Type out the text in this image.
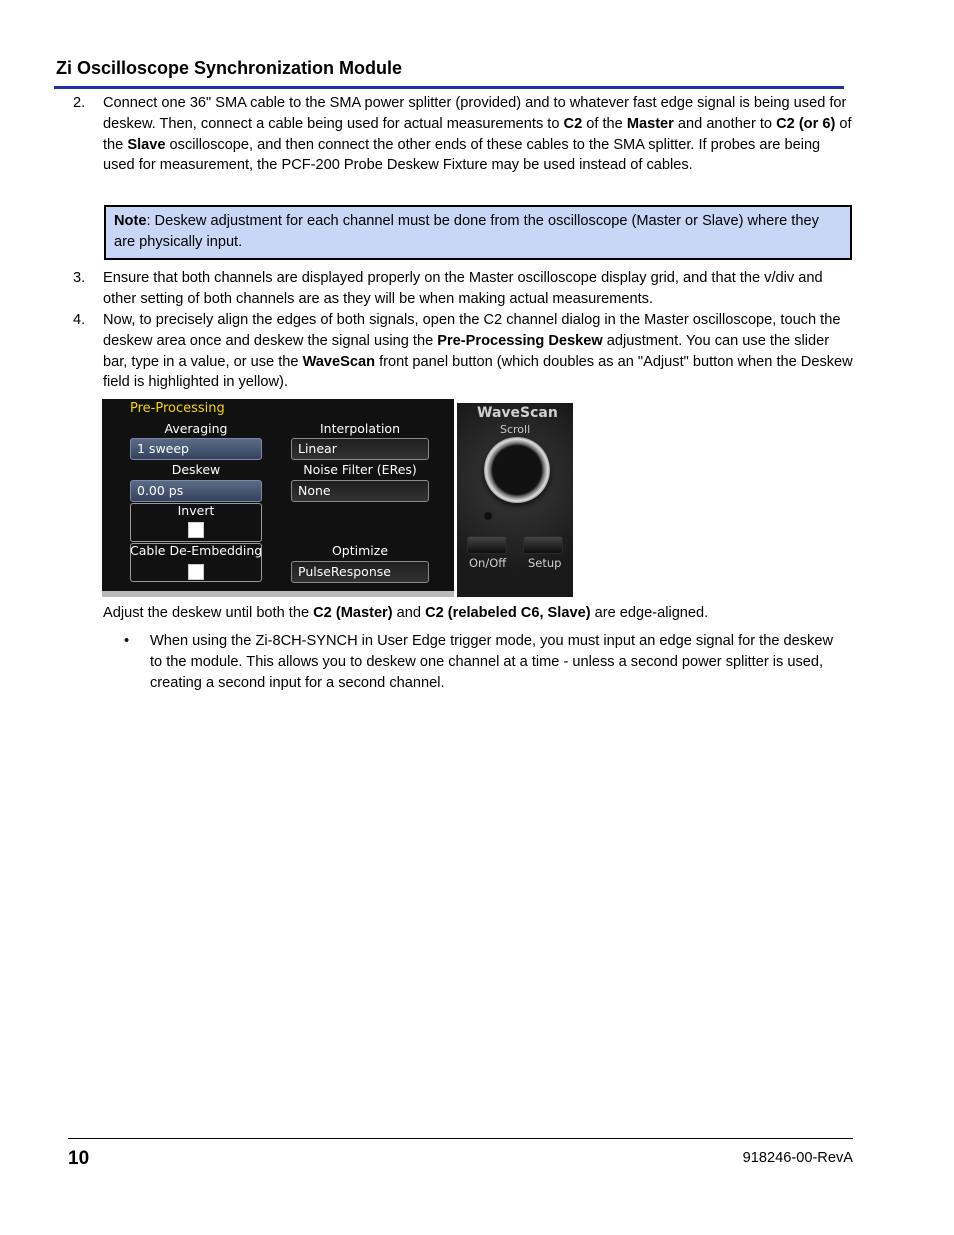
Zi Oscilloscope Synchronization Module
2.	Connect one 36" SMA cable to the SMA power splitter (provided) and to whatever fast edge signal is being used for deskew. Then, connect a cable being used for actual measurements to C2 of the Master and another to C2 (or 6) of the Slave oscilloscope, and then connect the other ends of these cables to the SMA splitter. If probes are being used for measurement, the PCF-200 Probe Deskew Fixture may be used instead of cables.
Note: Deskew adjustment for each channel must be done from the oscilloscope (Master or Slave) where they are physically input.
3.	Ensure that both channels are displayed properly on the Master oscilloscope display grid, and that the v/div and other setting of both channels are as they will be when making actual measurements.
4.	Now, to precisely align the edges of both signals, open the C2 channel dialog in the Master oscilloscope, touch the deskew area once and deskew the signal using the Pre-Processing Deskew adjustment. You can use the slider bar, type in a value, or use the WaveScan front panel button (which doubles as an "Adjust" button when the Deskew field is highlighted in yellow).
Pre-Processing
Averaging
1 sweep
Interpolation
Linear
Deskew
0.00 ps
Noise Filter (ERes)
None
Invert
Cable De-Embedding	Optimize
PulseResponse
WaveScan
Scroll
On/Off Setup
Adjust the deskew until both the C2 (Master) and C2 (relabeled C6, Slave) are edge-aligned.
• When using the Zi-8CH-SYNCH in User Edge trigger mode, you must input an edge signal for the deskew to the module. This allows you to deskew one channel at a time - unless a second power splitter is used, creating a second input for a second channel.
10	918246-00-RevA
